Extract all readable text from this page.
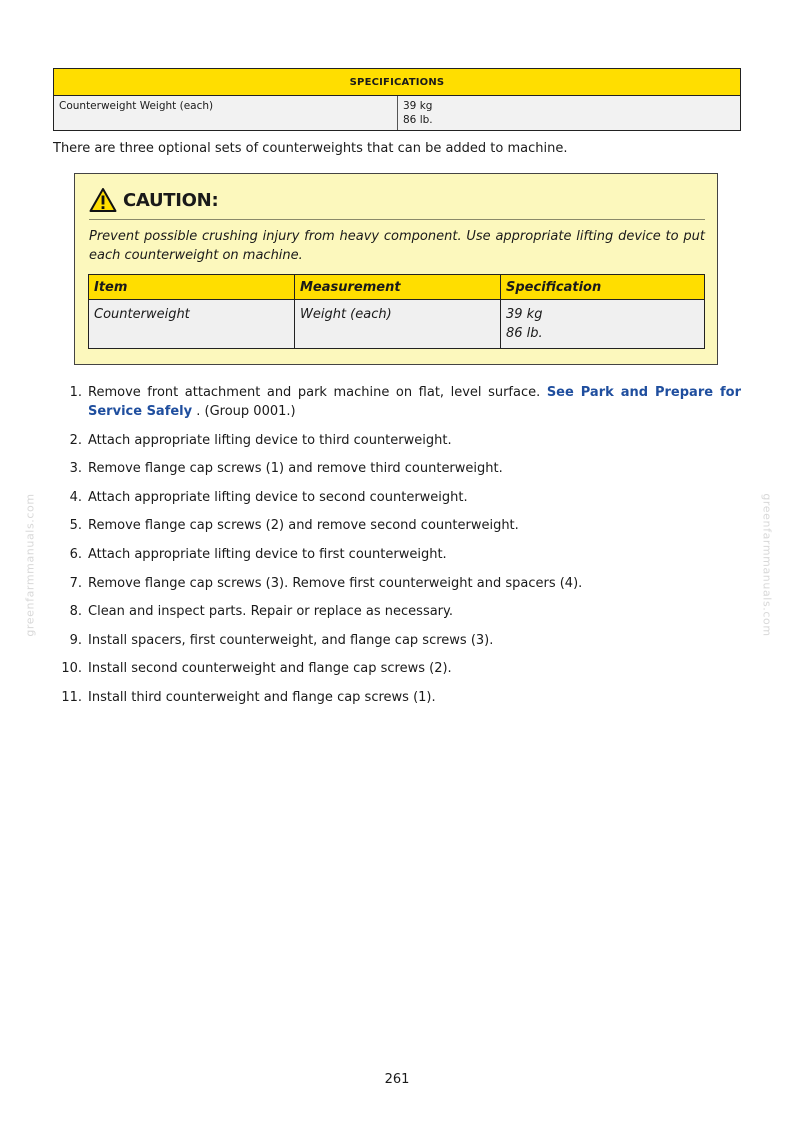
SPECIFICATIONS
Counterweight Weight (each)	39 kg
86 lb.

There are three optional sets of counterweights that can be added to machine.

CAUTION:

Prevent possible crushing injury from heavy component. Use appropriate lifting device to put each counterweight on machine.

Item	Measurement	Specification
Counterweight	Weight (each)	39 kg
86 lb.
1. Remove front attachment and park machine on flat, level surface. See Park and Prepare for Service Safely . (Group 0001.)
2. Attach appropriate lifting device to third counterweight.
3. Remove flange cap screws (1) and remove third counterweight.
4. Attach appropriate lifting device to second counterweight.
5. Remove flange cap screws (2) and remove second counterweight.
6. Attach appropriate lifting device to first counterweight.
7. Remove flange cap screws (3). Remove first counterweight and spacers (4).
8. Clean and inspect parts. Repair or replace as necessary.
9. Install spacers, first counterweight, and flange cap screws (3).
10. Install second counterweight and flange cap screws (2).
11. Install third counterweight and flange cap screws (1).
greenfarmmanuals.com	greenfarmmanuals.com
261
